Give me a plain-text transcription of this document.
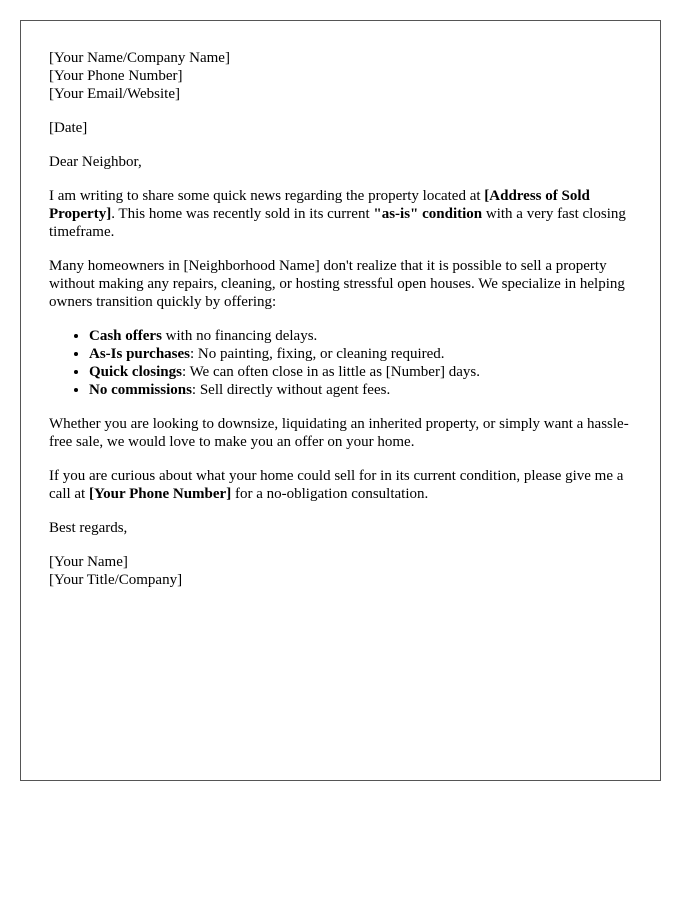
[Your Name/Company Name]
[Your Phone Number]
[Your Email/Website]

[Date]

Dear Neighbor,

I am writing to share some quick news regarding the property located at [Address of Sold Property]. This home was recently sold in its current "as-is" condition with a very fast closing timeframe.

Many homeowners in [Neighborhood Name] don't realize that it is possible to sell a property without making any repairs, cleaning, or hosting stressful open houses. We specialize in helping owners transition quickly by offering:

• Cash offers with no financing delays.
• As-Is purchases: No painting, fixing, or cleaning required.
• Quick closings: We can often close in as little as [Number] days.
• No commissions: Sell directly without agent fees.

Whether you are looking to downsize, liquidating an inherited property, or simply want a hassle-free sale, we would love to make you an offer on your home.

If you are curious about what your home could sell for in its current condition, please give me a call at [Your Phone Number] for a no-obligation consultation.

Best regards,

[Your Name]
[Your Title/Company]
